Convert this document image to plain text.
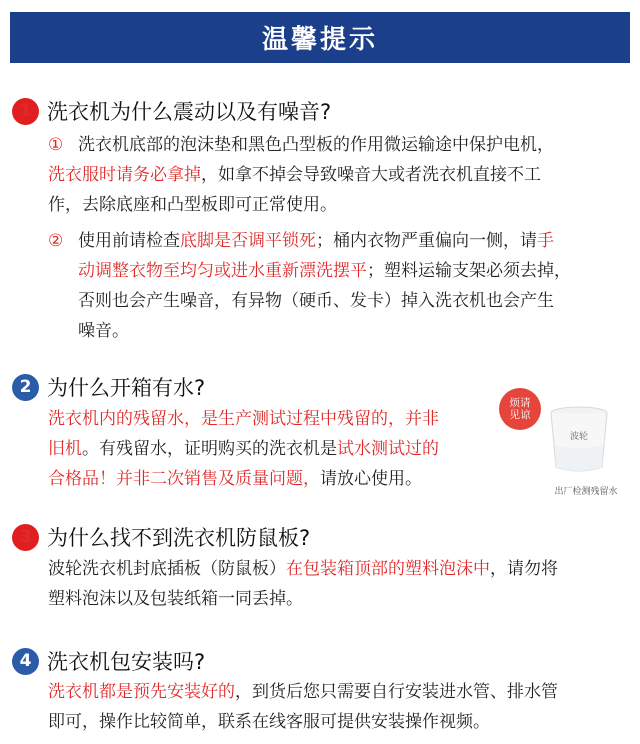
温馨提示
1 洗衣机为什么震动以及有噪音?
① 洗衣机底部的泡沫垫和黑色凸型板的作用微运输途中保护电机，
洗衣服时请务必拿掉，如拿不掉会导致噪音大或者洗衣机直接不工
作，去除底座和凸型板即可正常使用。
② 使用前请检查底脚是否调平锁死；桶内衣物严重偏向一侧，请手
动调整衣物至均匀或进水重新漂洗摆平；塑料运输支架必须去掉，
否则也会产生噪音，有异物（硬币、发卡）掉入洗衣机也会产生
噪音。
2 为什么开箱有水?
洗衣机内的残留水，是生产测试过程中残留的，并非
旧机。有残留水，证明购买的洗衣机是试水测试过的
合格品！并非二次销售及质量问题，请放心使用。
烦请见谅
波轮
出厂检测残留水
3 为什么找不到洗衣机防鼠板?
波轮洗衣机封底插板（防鼠板）在包装箱顶部的塑料泡沫中，请勿将
塑料泡沫以及包装纸箱一同丢掉。
4 洗衣机包安装吗?
洗衣机都是预先安装好的，到货后您只需要自行安装进水管、排水管
即可，操作比较简单，联系在线客服可提供安装操作视频。
